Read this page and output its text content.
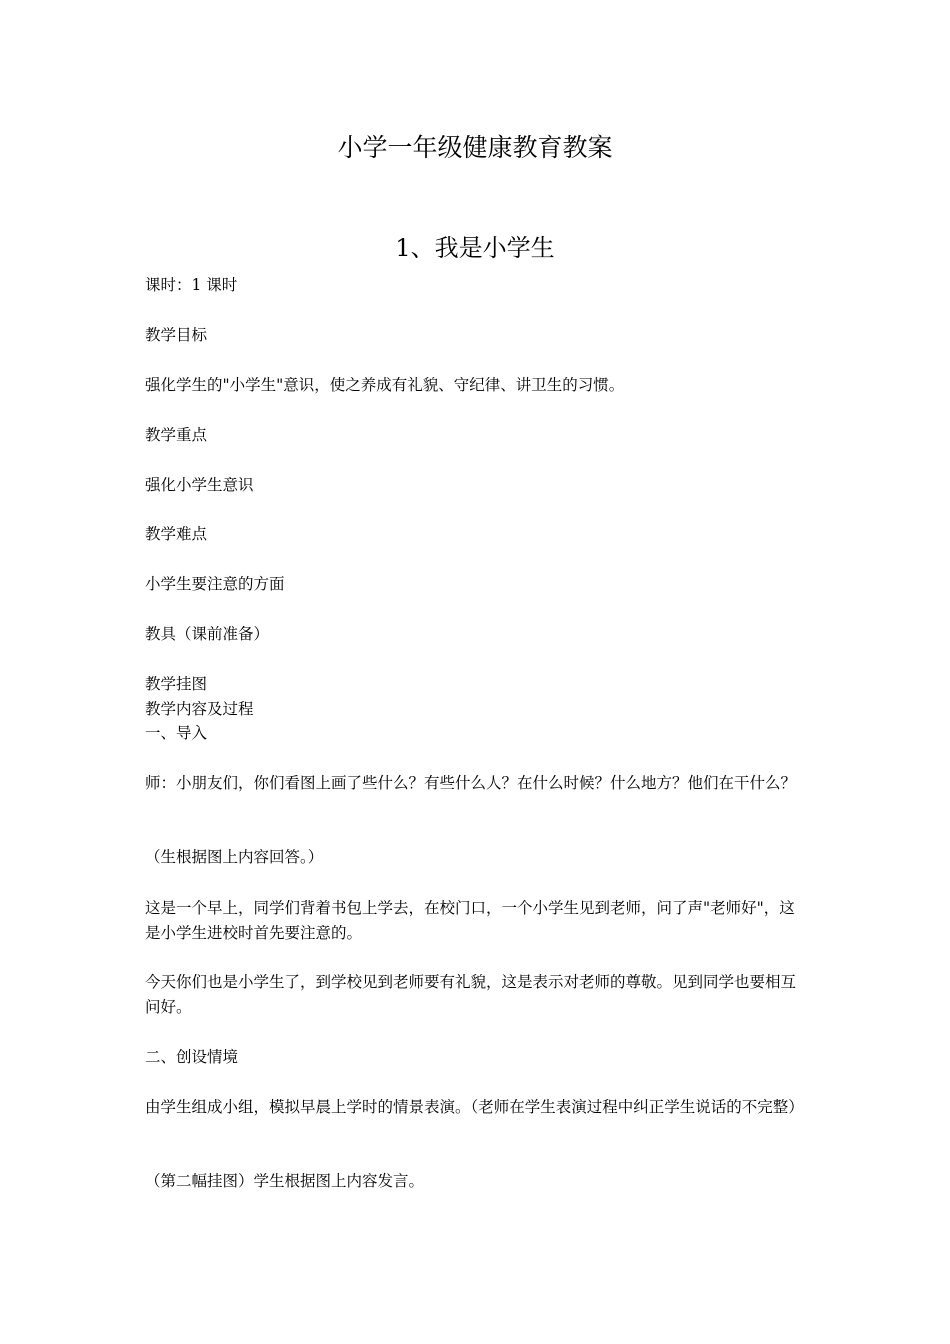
小学一年级健康教育教案
1、我是小学生
课时：1 课时
教学目标
强化学生的"小学生"意识，使之养成有礼貌、守纪律、讲卫生的习惯。
教学重点
强化小学生意识
教学难点
小学生要注意的方面
教具（课前准备）
教学挂图
教学内容及过程
一、导入
师：小朋友们，你们看图上画了些什么？有些什么人？在什么时候？什么地方？他们在干什么？
（生根据图上内容回答。）
这是一个早上，同学们背着书包上学去，在校门口，一个小学生见到老师，问了声"老师好"，这是小学生进校时首先要注意的。
今天你们也是小学生了，到学校见到老师要有礼貌，这是表示对老师的尊敬。见到同学也要相互问好。
二、创设情境
由学生组成小组，模拟早晨上学时的情景表演。（老师在学生表演过程中纠正学生说话的不完整）
（第二幅挂图）学生根据图上内容发言。
